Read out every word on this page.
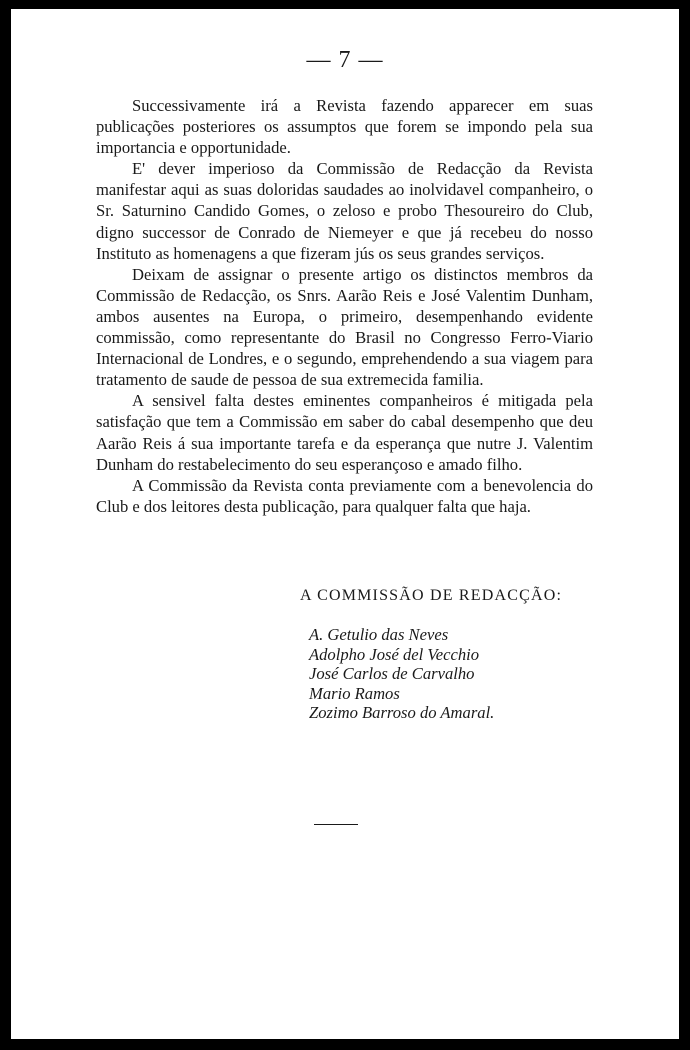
— 7 —

Successivamente irá a Revista fazendo apparecer em suas publicações posteriores os assumptos que forem se impondo pela sua importancia e opportunidade.

E' dever imperioso da Commissão de Redacção da Revista manifestar aqui as suas doloridas saudades ao inolvidavel companheiro, o Sr. Saturnino Candido Gomes, o zeloso e probo Thesoureiro do Club, digno successor de Conrado de Niemeyer e que já recebeu do nosso Instituto as homenagens a que fizeram jús os seus grandes serviços.

Deixam de assignar o presente artigo os distinctos membros da Commissão de Redacção, os Snrs. Aarão Reis e José Valentim Dunham, ambos ausentes na Europa, o primeiro, desempenhando evidente commissão, como representante do Brasil no Congresso Ferro-Viario Internacional de Londres, e o segundo, emprehendendo a sua viagem para tratamento de saude de pessoa de sua extremecida familia.

A sensivel falta destes eminentes companheiros é mitigada pela satisfação que tem a Commissão em saber do cabal desempenho que deu Aarão Reis á sua importante tarefa e da esperança que nutre J. Valentim Dunham do restabelecimento do seu esperançoso e amado filho.

A Commissão da Revista conta previamente com a benevolencia do Club e dos leitores desta publicação, para qualquer falta que haja.

A COMMISSÃO DE REDACÇÃO:
A. Getulio das Neves
Adolpho José del Vecchio
José Carlos de Carvalho
Mario Ramos
Zozimo Barroso do Amaral.
